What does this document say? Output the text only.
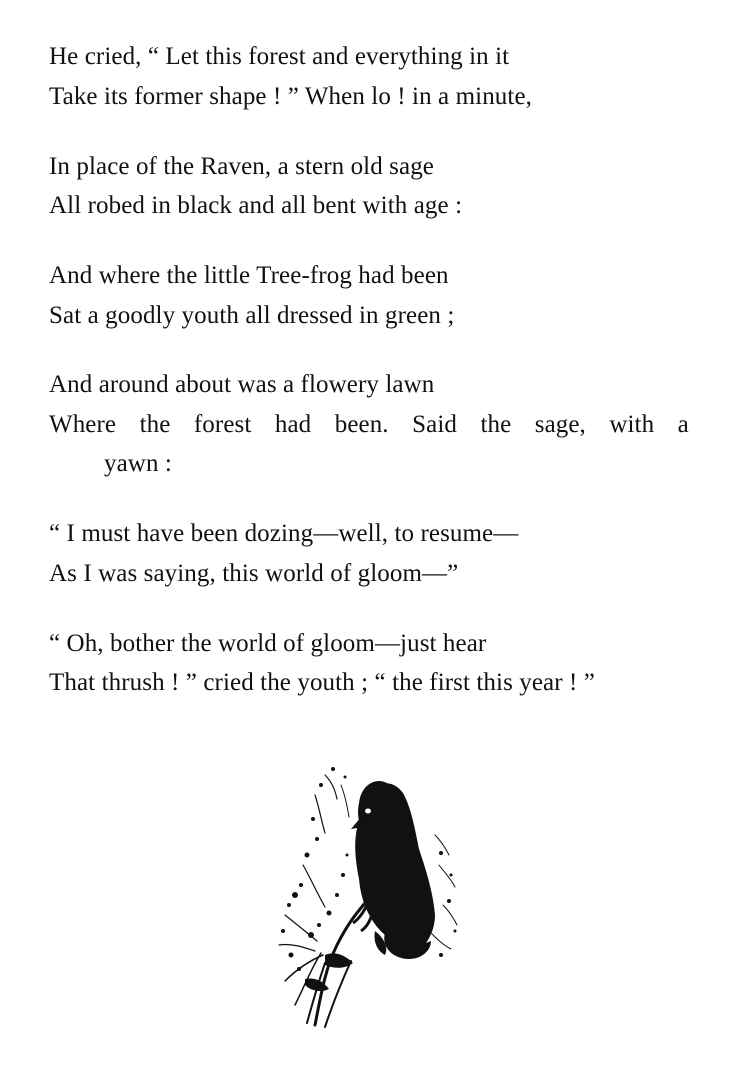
He cried, “ Let this forest and everything in it
Take its former shape ! ” When lo ! in a minute,
In place of the Raven, a stern old sage
All robed in black and all bent with age :
And where the little Tree-frog had been
Sat a goodly youth all dressed in green ;
And around about was a flowery lawn
Where the forest had been. Said the sage, with a
yawn :
“ I must have been dozing—well, to resume—
As I was saying, this world of gloom—”
“ Oh, bother the world of gloom—just hear
That thrush ! ” cried the youth ; “ the first this year ! ”
